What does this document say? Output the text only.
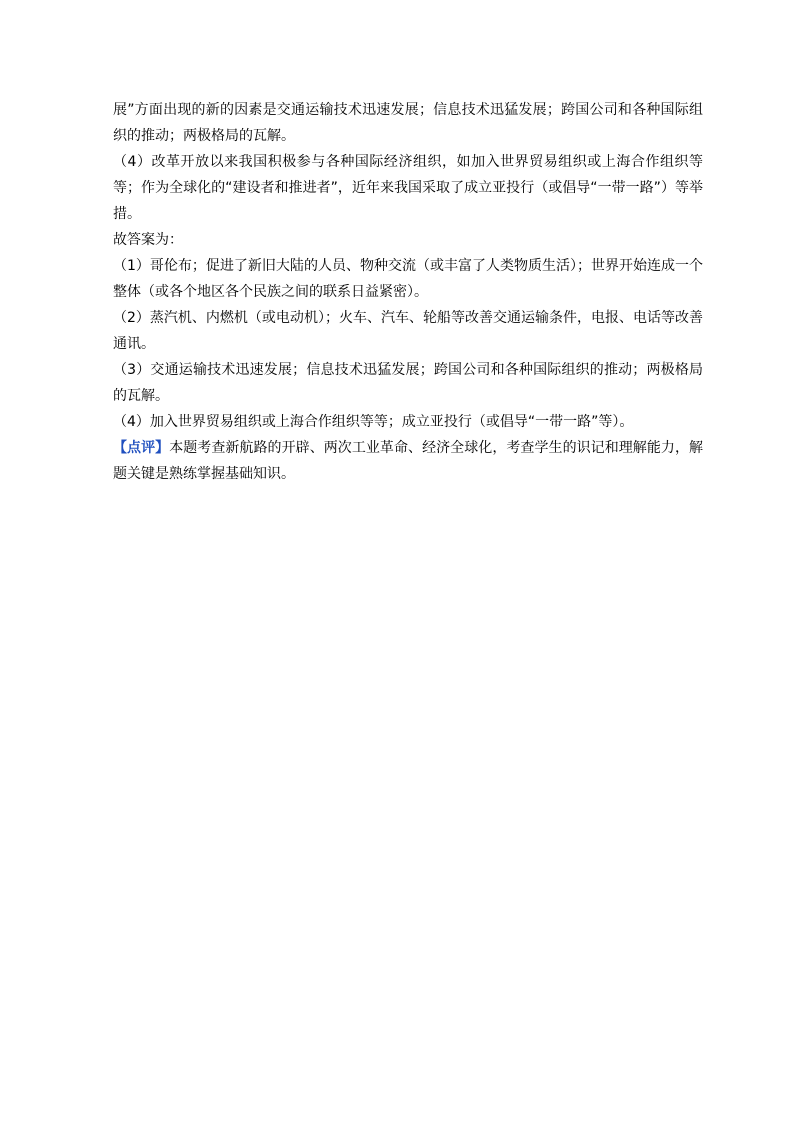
展”方面出现的新的因素是交通运输技术迅速发展；信息技术迅猛发展；跨国公司和各种国际组织的推动；两极格局的瓦解。

（4）改革开放以来我国积极参与各种国际经济组织，如加入世界贸易组织或上海合作组织等等；作为全球化的“建设者和推进者”，近年来我国采取了成立亚投行（或倡导“一带一路”）等举措。

故答案为：

（1）哥伦布；促进了新旧大陆的人员、物种交流（或丰富了人类物质生活）；世界开始连成一个整体（或各个地区各个民族之间的联系日益紧密）。

（2）蒸汽机、内燃机（或电动机）；火车、汽车、轮船等改善交通运输条件，电报、电话等改善通讯。

（3）交通运输技术迅速发展；信息技术迅猛发展；跨国公司和各种国际组织的推动；两极格局的瓦解。

（4）加入世界贸易组织或上海合作组织等等；成立亚投行（或倡导“一带一路”等）。

【点评】本题考查新航路的开辟、两次工业革命、经济全球化，考查学生的识记和理解能力，解题关键是熟练掌握基础知识。
